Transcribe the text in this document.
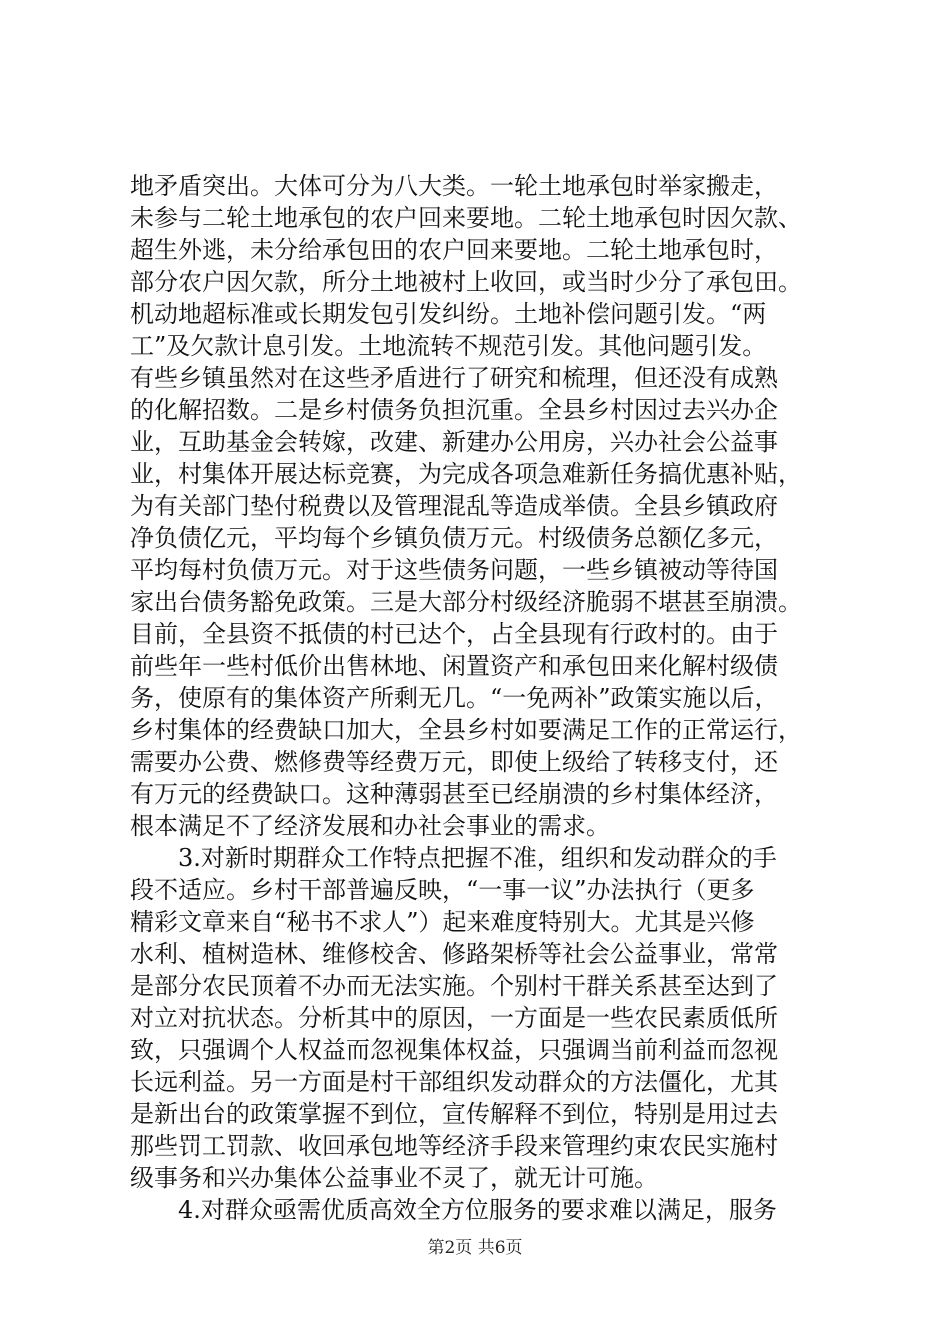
地矛盾突出。大体可分为八大类。一轮土地承包时举家搬走，
未参与二轮土地承包的农户回来要地。二轮土地承包时因欠款、
超生外逃，未分给承包田的农户回来要地。二轮土地承包时，
部分农户因欠款，所分土地被村上收回，或当时少分了承包田。
机动地超标准或长期发包引发纠纷。土地补偿问题引发。“两
工”及欠款计息引发。土地流转不规范引发。其他问题引发。
有些乡镇虽然对在这些矛盾进行了研究和梳理，但还没有成熟
的化解招数。二是乡村债务负担沉重。全县乡村因过去兴办企
业，互助基金会转嫁，改建、新建办公用房，兴办社会公益事
业，村集体开展达标竞赛，为完成各项急难新任务搞优惠补贴，
为有关部门垫付税费以及管理混乱等造成举债。全县乡镇政府
净负债亿元，平均每个乡镇负债万元。村级债务总额亿多元，
平均每村负债万元。对于这些债务问题，一些乡镇被动等待国
家出台债务豁免政策。三是大部分村级经济脆弱不堪甚至崩溃。
目前，全县资不抵债的村已达个，占全县现有行政村的。由于
前些年一些村低价出售林地、闲置资产和承包田来化解村级债
务，使原有的集体资产所剩无几。“一免两补”政策实施以后，
乡村集体的经费缺口加大，全县乡村如要满足工作的正常运行，
需要办公费、燃修费等经费万元，即使上级给了转移支付，还
有万元的经费缺口。这种薄弱甚至已经崩溃的乡村集体经济，
根本满足不了经济发展和办社会事业的需求。
　　3.对新时期群众工作特点把握不准，组织和发动群众的手
段不适应。乡村干部普遍反映，“一事一议”办法执行（更多
精彩文章来自“秘书不求人”）起来难度特别大。尤其是兴修
水利、植树造林、维修校舍、修路架桥等社会公益事业，常常
是部分农民顶着不办而无法实施。个别村干群关系甚至达到了
对立对抗状态。分析其中的原因，一方面是一些农民素质低所
致，只强调个人权益而忽视集体权益，只强调当前利益而忽视
长远利益。另一方面是村干部组织发动群众的方法僵化，尤其
是新出台的政策掌握不到位，宣传解释不到位，特别是用过去
那些罚工罚款、收回承包地等经济手段来管理约束农民实施村
级事务和兴办集体公益事业不灵了，就无计可施。
　　4.对群众亟需优质高效全方位服务的要求难以满足，服务
第2页 共6页
